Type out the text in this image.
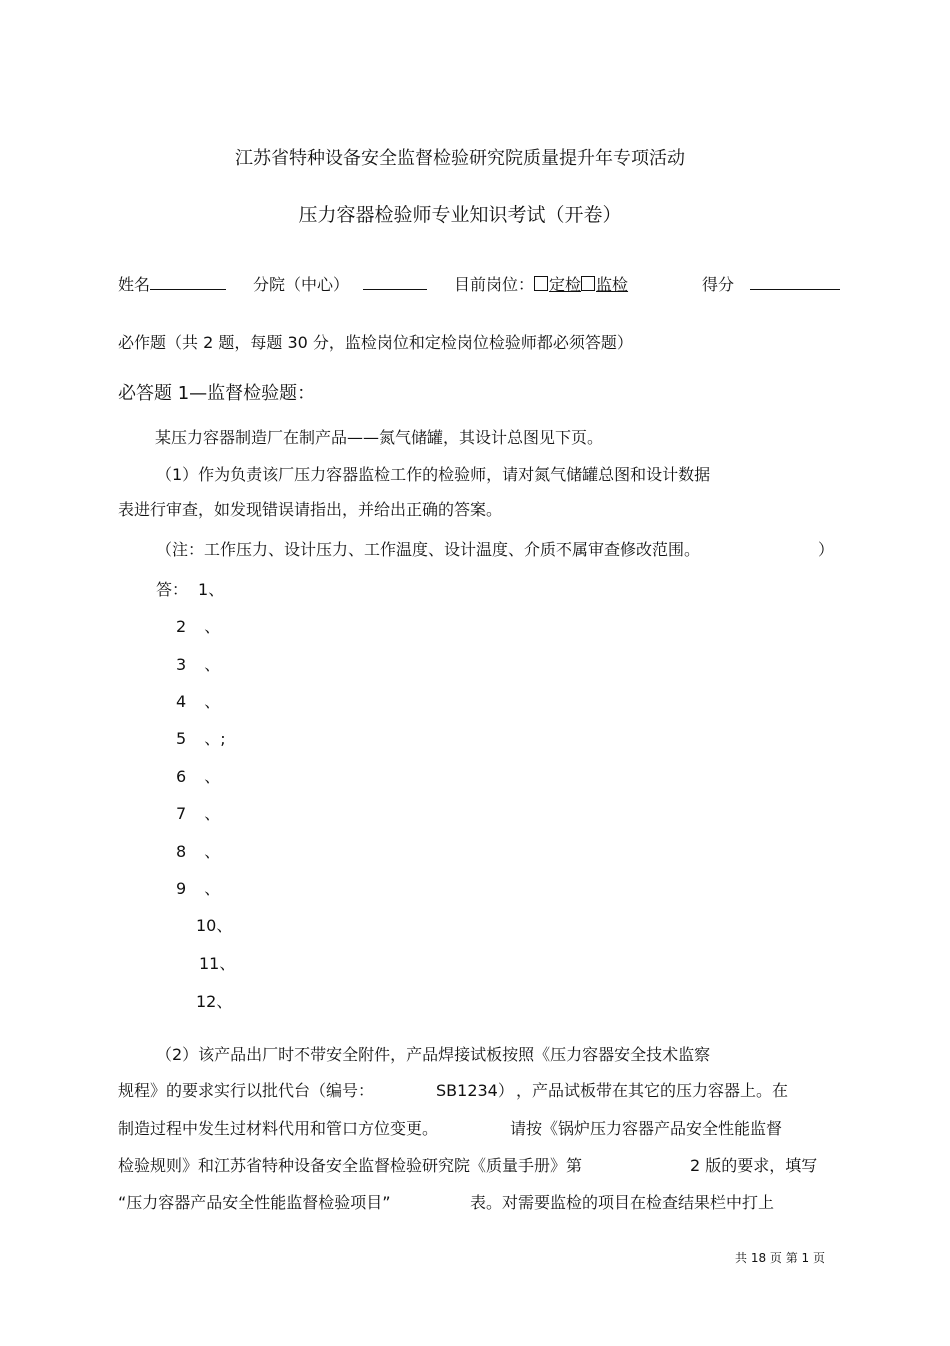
江苏省特种设备安全监督检验研究院质量提升年专项活动
压力容器检验师专业知识考试（开卷）
姓名	分院（中心）	目前岗位： 定检 监检	得分
必作题（共 2 题，每题 30 分，监检岗位和定检岗位检验师都必须答题）
必答题 1—监督检验题：
某压力容器制造厂在制产品——氮气储罐，其设计总图见下页。
（1）作为负责该厂压力容器监检工作的检验师，请对氮气储罐总图和设计数据
表进行审查，如发现错误请指出，并给出正确的答案。
（注：工作压力、设计压力、工作温度、设计温度、介质不属审查修改范围。	）
答： 1、
2 、
3 、
4 、
5 、;
6 、
7 、
8 、
9 、
10、
11、
12、
（2）该产品出厂时不带安全附件，产品焊接试板按照《压力容器安全技术监察
规程》的要求实行以批代台（编号：	SB1234） ，产品试板带在其它的压力容器上。在
制造过程中发生过材料代用和管口方位变更。	请按《锅炉压力容器产品安全性能监督
检验规则》和江苏省特种设备安全监督检验研究院《质量手册》第	2 版的要求，填写
“压力容器产品安全性能监督检验项目”	表。对需要监检的项目在检查结果栏中打上
共 18 页 第 1 页
